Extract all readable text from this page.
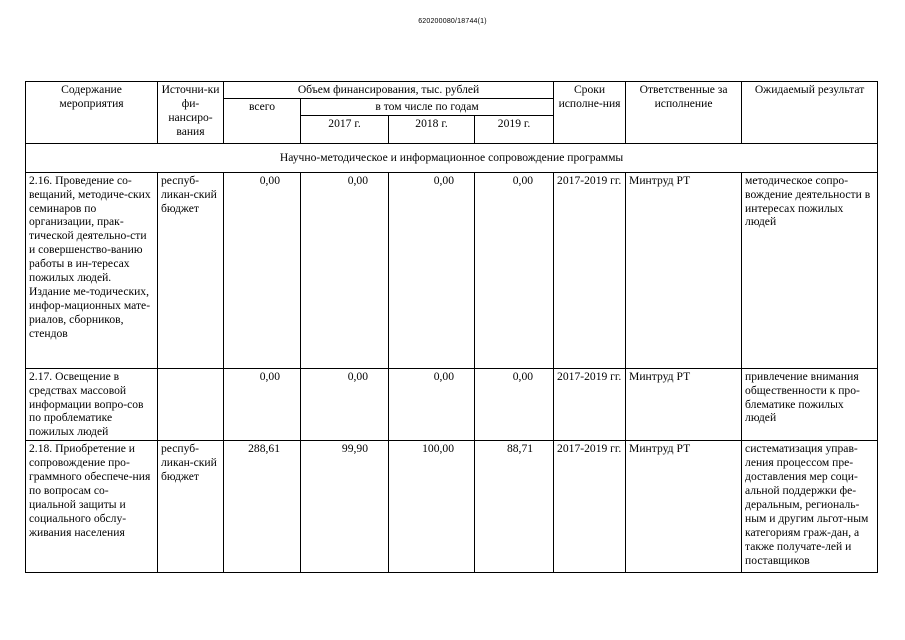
620200080/18744(1)
Содержание мероприятия	Источни-ки фи-нансиро-вания	Объем финансирования, тыс. рублей				Сроки исполне-ния	Ответственные за исполнение	Ожидаемый результат
		всего	в том числе по годам					
			2017 г.	2018 г.	2019 г.			
Научно-методическое и информационное сопровождение программы								
2.16. Проведение со-вещаний, методиче-ских семинаров по организации, прак-тической деятельно-сти и совершенство-ванию работы в ин-тересах пожилых людей. Издание ме-тодических, инфор-мационных мате-риалов, сборников, стендов	респуб-ликан-ский бюджет	0,00	0,00	0,00	0,00	2017-2019 гг.	Минтруд РТ	методическое сопро-вождение деятельности в интересах пожилых людей
2.17. Освещение в средствах массовой информации вопро-сов по проблематике пожилых людей		0,00	0,00	0,00	0,00	2017-2019 гг.	Минтруд РТ	привлечение внимания общественности к про-блематике пожилых людей
2.18. Приобретение и сопровождение про-граммного обеспече-ния по вопросам со-циальной защиты и социального обслу-живания населения	респуб-ликан-ский бюджет	288,61	99,90	100,00	88,71	2017-2019 гг.	Минтруд РТ	систематизация управ-ления процессом пре-доставления мер соци-альной поддержки фе-деральным, региональ-ным и другим льгот-ным категориям граж-дан, а также получате-лей и поставщиков
